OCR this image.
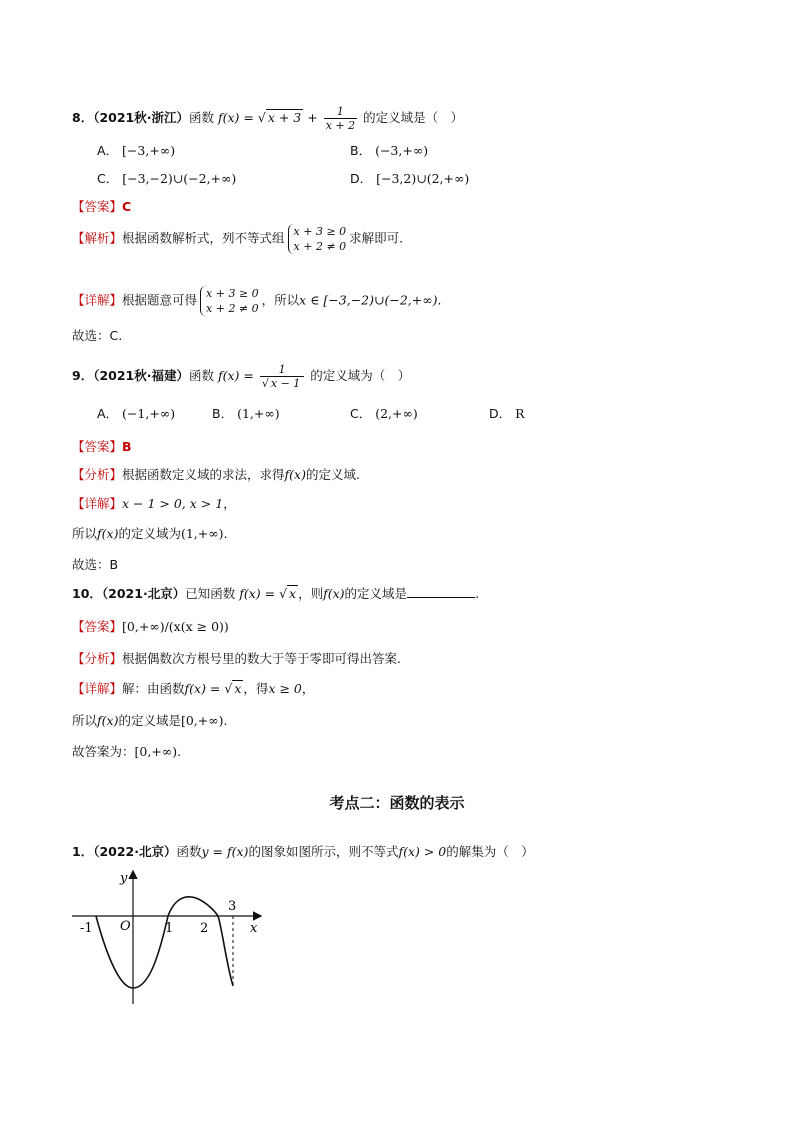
8．（2021秋·浙江）函数 f(x) = √ $x + 3 + \frac{1}{x + 2}$ 的定义域是（　）
A． [−3,+∞)	B． (−3,+∞)
C． [−3,−2)∪(−2,+∞)	D． [−3,2)∪(2,+∞)
【答案】C
【解析】根据函数解析式，列不等式组 x + 3 ≥ 0
x + 2 ≠ 0
求解即可.
【详解】根据题意可得 x + 3 ≥ 0
x + 2 ≠ 0
，所以x ∈ [−3,−2)∪(−2,+∞).
故选：C.
9．（2021秋·福建）函数 $f(x) = \frac{1}{√ x - 1}$ 的定义域为（　）
A． (−1,+∞)	B． (1,+∞)	C． (2,+∞)	D． R
【答案】B
【分析】根据函数定义域的求法，求得f(x)的定义域.
【详解】x − 1 > 0, x > 1，
所以f(x)的定义域为(1,+∞).
故选：B
10．（2021·北京）已知函数 f(x) = √ x ，则f(x)的定义域是	.
【答案】[0,+∞)/(x(x ≥ 0))
【分析】根据偶数次方根号里的数大于等于零即可得出答案.
【详解】解：由函数f(x) = √ x ，得x ≥ 0，
所以f(x)的定义域是[0,+∞).
故答案为：[0,+∞).
考点二：函数的表示
1．（2022·北京）函数y = f(x)的图象如图所示，则不等式f(x) > 0的解集为（　）
y
x
O
-1	1 2
3
